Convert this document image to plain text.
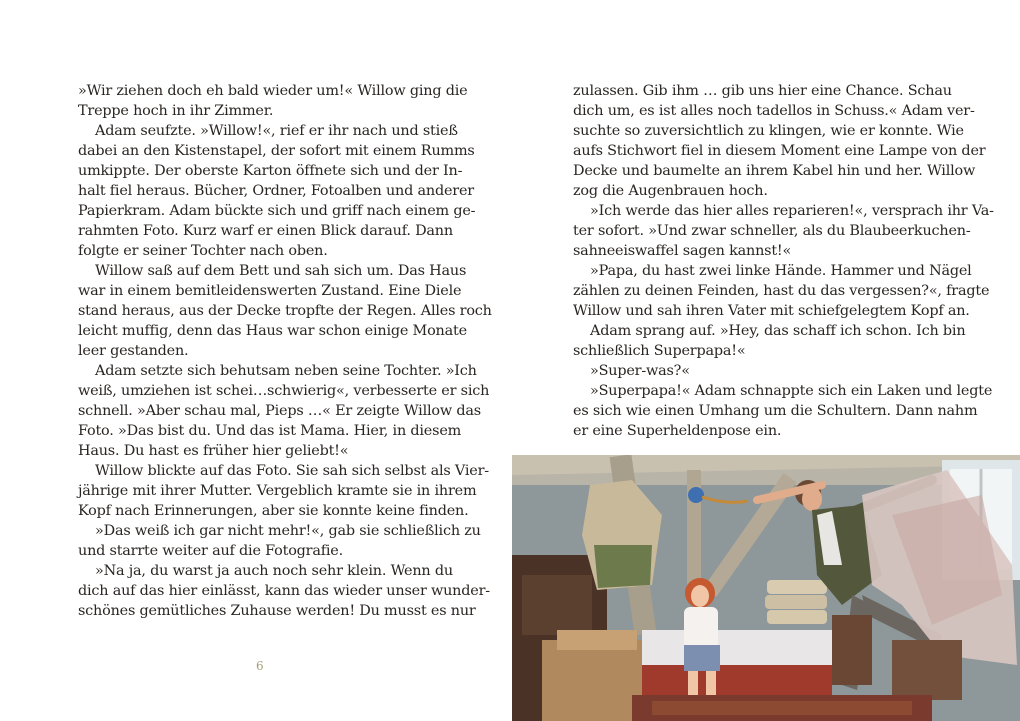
»Wir ziehen doch eh bald wieder um!« Willow ging die
Treppe hoch in ihr Zimmer.
Adam seufzte. »Willow!«, rief er ihr nach und stieß
dabei an den Kistenstapel, der sofort mit einem Rumms
umkippte. Der oberste Karton öffnete sich und der In-
halt fiel heraus. Bücher, Ordner, Fotoalben und anderer
Papierkram. Adam bückte sich und griff nach einem ge-
rahmten Foto. Kurz warf er einen Blick darauf. Dann
folgte er seiner Tochter nach oben.
Willow saß auf dem Bett und sah sich um. Das Haus
war in einem bemitleidenswerten Zustand. Eine Diele
stand heraus, aus der Decke tropfte der Regen. Alles roch
leicht muffig, denn das Haus war schon einige Monate
leer gestanden.
Adam setzte sich behutsam neben seine Tochter. »Ich
weiß, umziehen ist schei…schwierig«, verbesserte er sich
schnell. »Aber schau mal, Pieps …« Er zeigte Willow das
Foto. »Das bist du. Und das ist Mama. Hier, in diesem
Haus. Du hast es früher hier geliebt!«
Willow blickte auf das Foto. Sie sah sich selbst als Vier-
jährige mit ihrer Mutter. Vergeblich kramte sie in ihrem
Kopf nach Erinnerungen, aber sie konnte keine finden.
»Das weiß ich gar nicht mehr!«, gab sie schließlich zu
und starrte weiter auf die Fotografie.
»Na ja, du warst ja auch noch sehr klein. Wenn du
dich auf das hier einlässt, kann das wieder unser wunder-
schönes gemütliches Zuhause werden! Du musst es nur
6
zulassen. Gib ihm … gib uns hier eine Chance. Schau
dich um, es ist alles noch tadellos in Schuss.« Adam ver-
suchte so zuversichtlich zu klingen, wie er konnte. Wie
aufs Stichwort fiel in diesem Moment eine Lampe von der
Decke und baumelte an ihrem Kabel hin und her. Willow
zog die Augenbrauen hoch.
»Ich werde das hier alles reparieren!«, versprach ihr Va-
ter sofort. »Und zwar schneller, als du Blaubeerkuchen-
sahneeiswaffel sagen kannst!«
»Papa, du hast zwei linke Hände. Hammer und Nägel
zählen zu deinen Feinden, hast du das vergessen?«, fragte
Willow und sah ihren Vater mit schiefgelegtem Kopf an.
Adam sprang auf. »Hey, das schaff ich schon. Ich bin
schließlich Superpapa!«
»Super-was?«
»Superpapa!« Adam schnappte sich ein Laken und legte
es sich wie einen Umhang um die Schultern. Dann nahm
er eine Superheldenpose ein.
